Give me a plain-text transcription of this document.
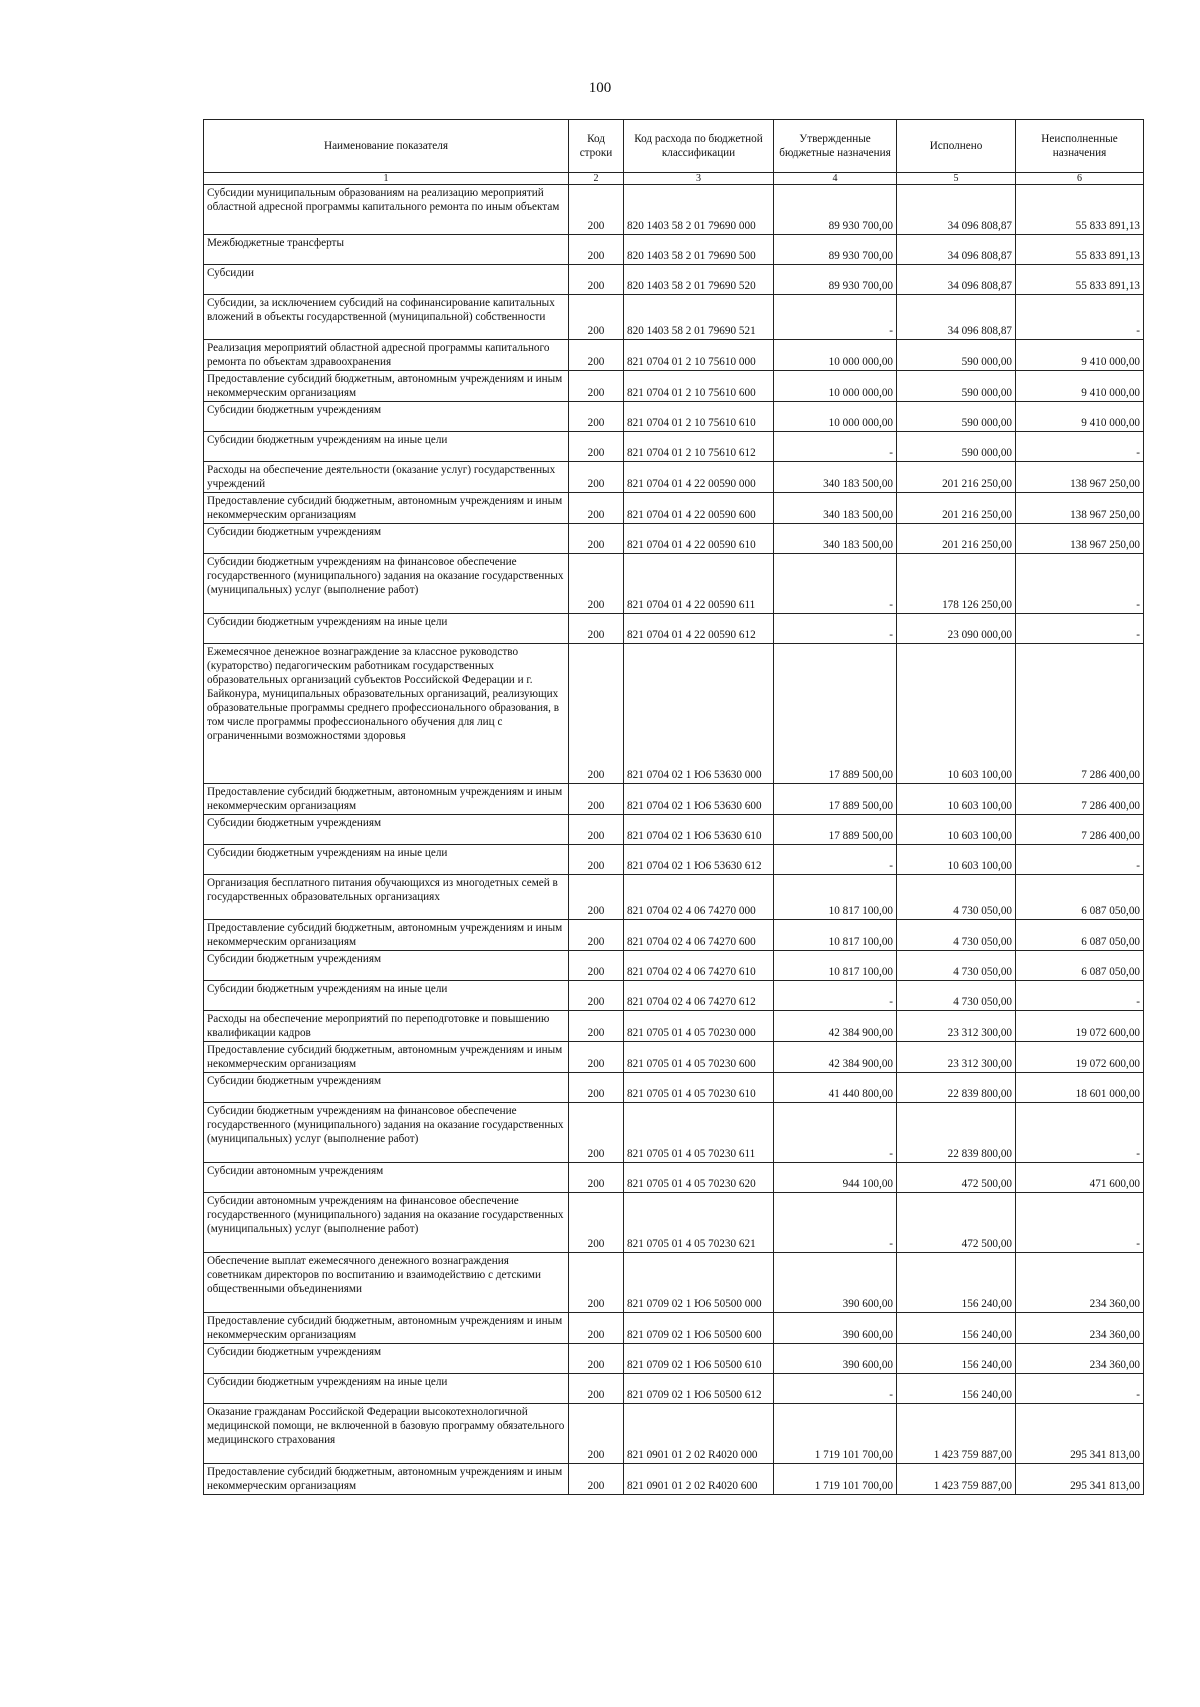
100
Наименование показателя	Код строки	Код расхода по бюджетной классификации	Утвержденные бюджетные назначения	Исполнено	Неисполненные назначения
1	2	3	4	5	6
Субсидии муниципальным образованиям на реализацию мероприятий областной адресной программы капитального ремонта по иным объектам	200	820 1403 58 2 01 79690 000	89 930 700,00	34 096 808,87	55 833 891,13
Межбюджетные трансферты	200	820 1403 58 2 01 79690 500	89 930 700,00	34 096 808,87	55 833 891,13
Субсидии	200	820 1403 58 2 01 79690 520	89 930 700,00	34 096 808,87	55 833 891,13
Субсидии, за исключением субсидий на софинансирование капитальных вложений в объекты государственной (муниципальной) собственности	200	820 1403 58 2 01 79690 521	-	34 096 808,87	-
Реализация мероприятий областной адресной программы капитального ремонта по объектам здравоохранения	200	821 0704 01 2 10 75610 000	10 000 000,00	590 000,00	9 410 000,00
Предоставление субсидий бюджетным, автономным учреждениям и иным некоммерческим организациям	200	821 0704 01 2 10 75610 600	10 000 000,00	590 000,00	9 410 000,00
Субсидии бюджетным учреждениям	200	821 0704 01 2 10 75610 610	10 000 000,00	590 000,00	9 410 000,00
Субсидии бюджетным учреждениям на иные цели	200	821 0704 01 2 10 75610 612	-	590 000,00	-
Расходы на обеспечение деятельности (оказание услуг) государственных учреждений	200	821 0704 01 4 22 00590 000	340 183 500,00	201 216 250,00	138 967 250,00
Предоставление субсидий бюджетным, автономным учреждениям и иным некоммерческим организациям	200	821 0704 01 4 22 00590 600	340 183 500,00	201 216 250,00	138 967 250,00
Субсидии бюджетным учреждениям	200	821 0704 01 4 22 00590 610	340 183 500,00	201 216 250,00	138 967 250,00
Субсидии бюджетным учреждениям на финансовое обеспечение государственного (муниципального) задания на оказание государственных (муниципальных) услуг (выполнение работ)	200	821 0704 01 4 22 00590 611	-	178 126 250,00	-
Субсидии бюджетным учреждениям на иные цели	200	821 0704 01 4 22 00590 612	-	23 090 000,00	-
Ежемесячное денежное вознаграждение за классное руководство (кураторство) педагогическим работникам государственных образовательных организаций субъектов Российской Федерации и г. Байконура, муниципальных образовательных организаций, реализующих образовательные программы среднего профессионального образования, в том числе программы профессионального обучения для лиц с ограниченными возможностями здоровья	200	821 0704 02 1 Ю6 53630 000	17 889 500,00	10 603 100,00	7 286 400,00
Предоставление субсидий бюджетным, автономным учреждениям и иным некоммерческим организациям	200	821 0704 02 1 Ю6 53630 600	17 889 500,00	10 603 100,00	7 286 400,00
Субсидии бюджетным учреждениям	200	821 0704 02 1 Ю6 53630 610	17 889 500,00	10 603 100,00	7 286 400,00
Субсидии бюджетным учреждениям на иные цели	200	821 0704 02 1 Ю6 53630 612	-	10 603 100,00	-
Организация бесплатного питания обучающихся из многодетных семей в государственных образовательных организациях	200	821 0704 02 4 06 74270 000	10 817 100,00	4 730 050,00	6 087 050,00
Предоставление субсидий бюджетным, автономным учреждениям и иным некоммерческим организациям	200	821 0704 02 4 06 74270 600	10 817 100,00	4 730 050,00	6 087 050,00
Субсидии бюджетным учреждениям	200	821 0704 02 4 06 74270 610	10 817 100,00	4 730 050,00	6 087 050,00
Субсидии бюджетным учреждениям на иные цели	200	821 0704 02 4 06 74270 612	-	4 730 050,00	-
Расходы на обеспечение мероприятий по переподготовке и повышению квалификации кадров	200	821 0705 01 4 05 70230 000	42 384 900,00	23 312 300,00	19 072 600,00
Предоставление субсидий бюджетным, автономным учреждениям и иным некоммерческим организациям	200	821 0705 01 4 05 70230 600	42 384 900,00	23 312 300,00	19 072 600,00
Субсидии бюджетным учреждениям	200	821 0705 01 4 05 70230 610	41 440 800,00	22 839 800,00	18 601 000,00
Субсидии бюджетным учреждениям на финансовое обеспечение государственного (муниципального) задания на оказание государственных (муниципальных) услуг (выполнение работ)	200	821 0705 01 4 05 70230 611	-	22 839 800,00	-
Субсидии автономным учреждениям	200	821 0705 01 4 05 70230 620	944 100,00	472 500,00	471 600,00
Субсидии автономным учреждениям на финансовое обеспечение государственного (муниципального) задания на оказание государственных (муниципальных) услуг (выполнение работ)	200	821 0705 01 4 05 70230 621	-	472 500,00	-
Обеспечение выплат ежемесячного денежного вознаграждения советникам директоров по воспитанию и взаимодействию с детскими общественными объединениями	200	821 0709 02 1 Ю6 50500 000	390 600,00	156 240,00	234 360,00
Предоставление субсидий бюджетным, автономным учреждениям и иным некоммерческим организациям	200	821 0709 02 1 Ю6 50500 600	390 600,00	156 240,00	234 360,00
Субсидии бюджетным учреждениям	200	821 0709 02 1 Ю6 50500 610	390 600,00	156 240,00	234 360,00
Субсидии бюджетным учреждениям на иные цели	200	821 0709 02 1 Ю6 50500 612	-	156 240,00	-
Оказание гражданам Российской Федерации высокотехнологичной медицинской помощи, не включенной в базовую программу обязательного медицинского страхования	200	821 0901 01 2 02 R4020 000	1 719 101 700,00	1 423 759 887,00	295 341 813,00
Предоставление субсидий бюджетным, автономным учреждениям и иным некоммерческим организациям	200	821 0901 01 2 02 R4020 600	1 719 101 700,00	1 423 759 887,00	295 341 813,00
